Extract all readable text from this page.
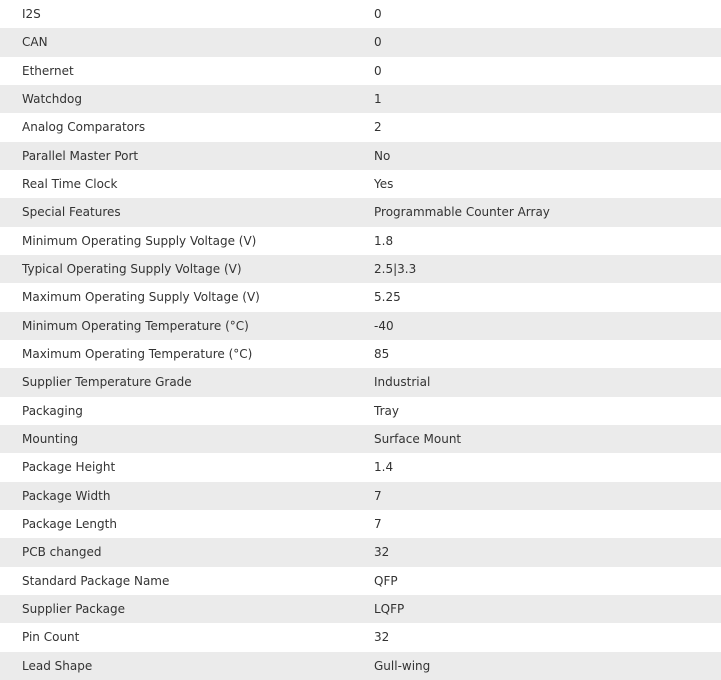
I2S	0
CAN	0
Ethernet	0
Watchdog	1
Analog Comparators	2
Parallel Master Port	No
Real Time Clock	Yes
Special Features	Programmable Counter Array
Minimum Operating Supply Voltage (V)	1.8
Typical Operating Supply Voltage (V)	2.5|3.3
Maximum Operating Supply Voltage (V)	5.25
Minimum Operating Temperature (°C)	-40
Maximum Operating Temperature (°C)	85
Supplier Temperature Grade	Industrial
Packaging	Tray
Mounting	Surface Mount
Package Height	1.4
Package Width	7
Package Length	7
PCB changed	32
Standard Package Name	QFP
Supplier Package	LQFP
Pin Count	32
Lead Shape	Gull-wing
